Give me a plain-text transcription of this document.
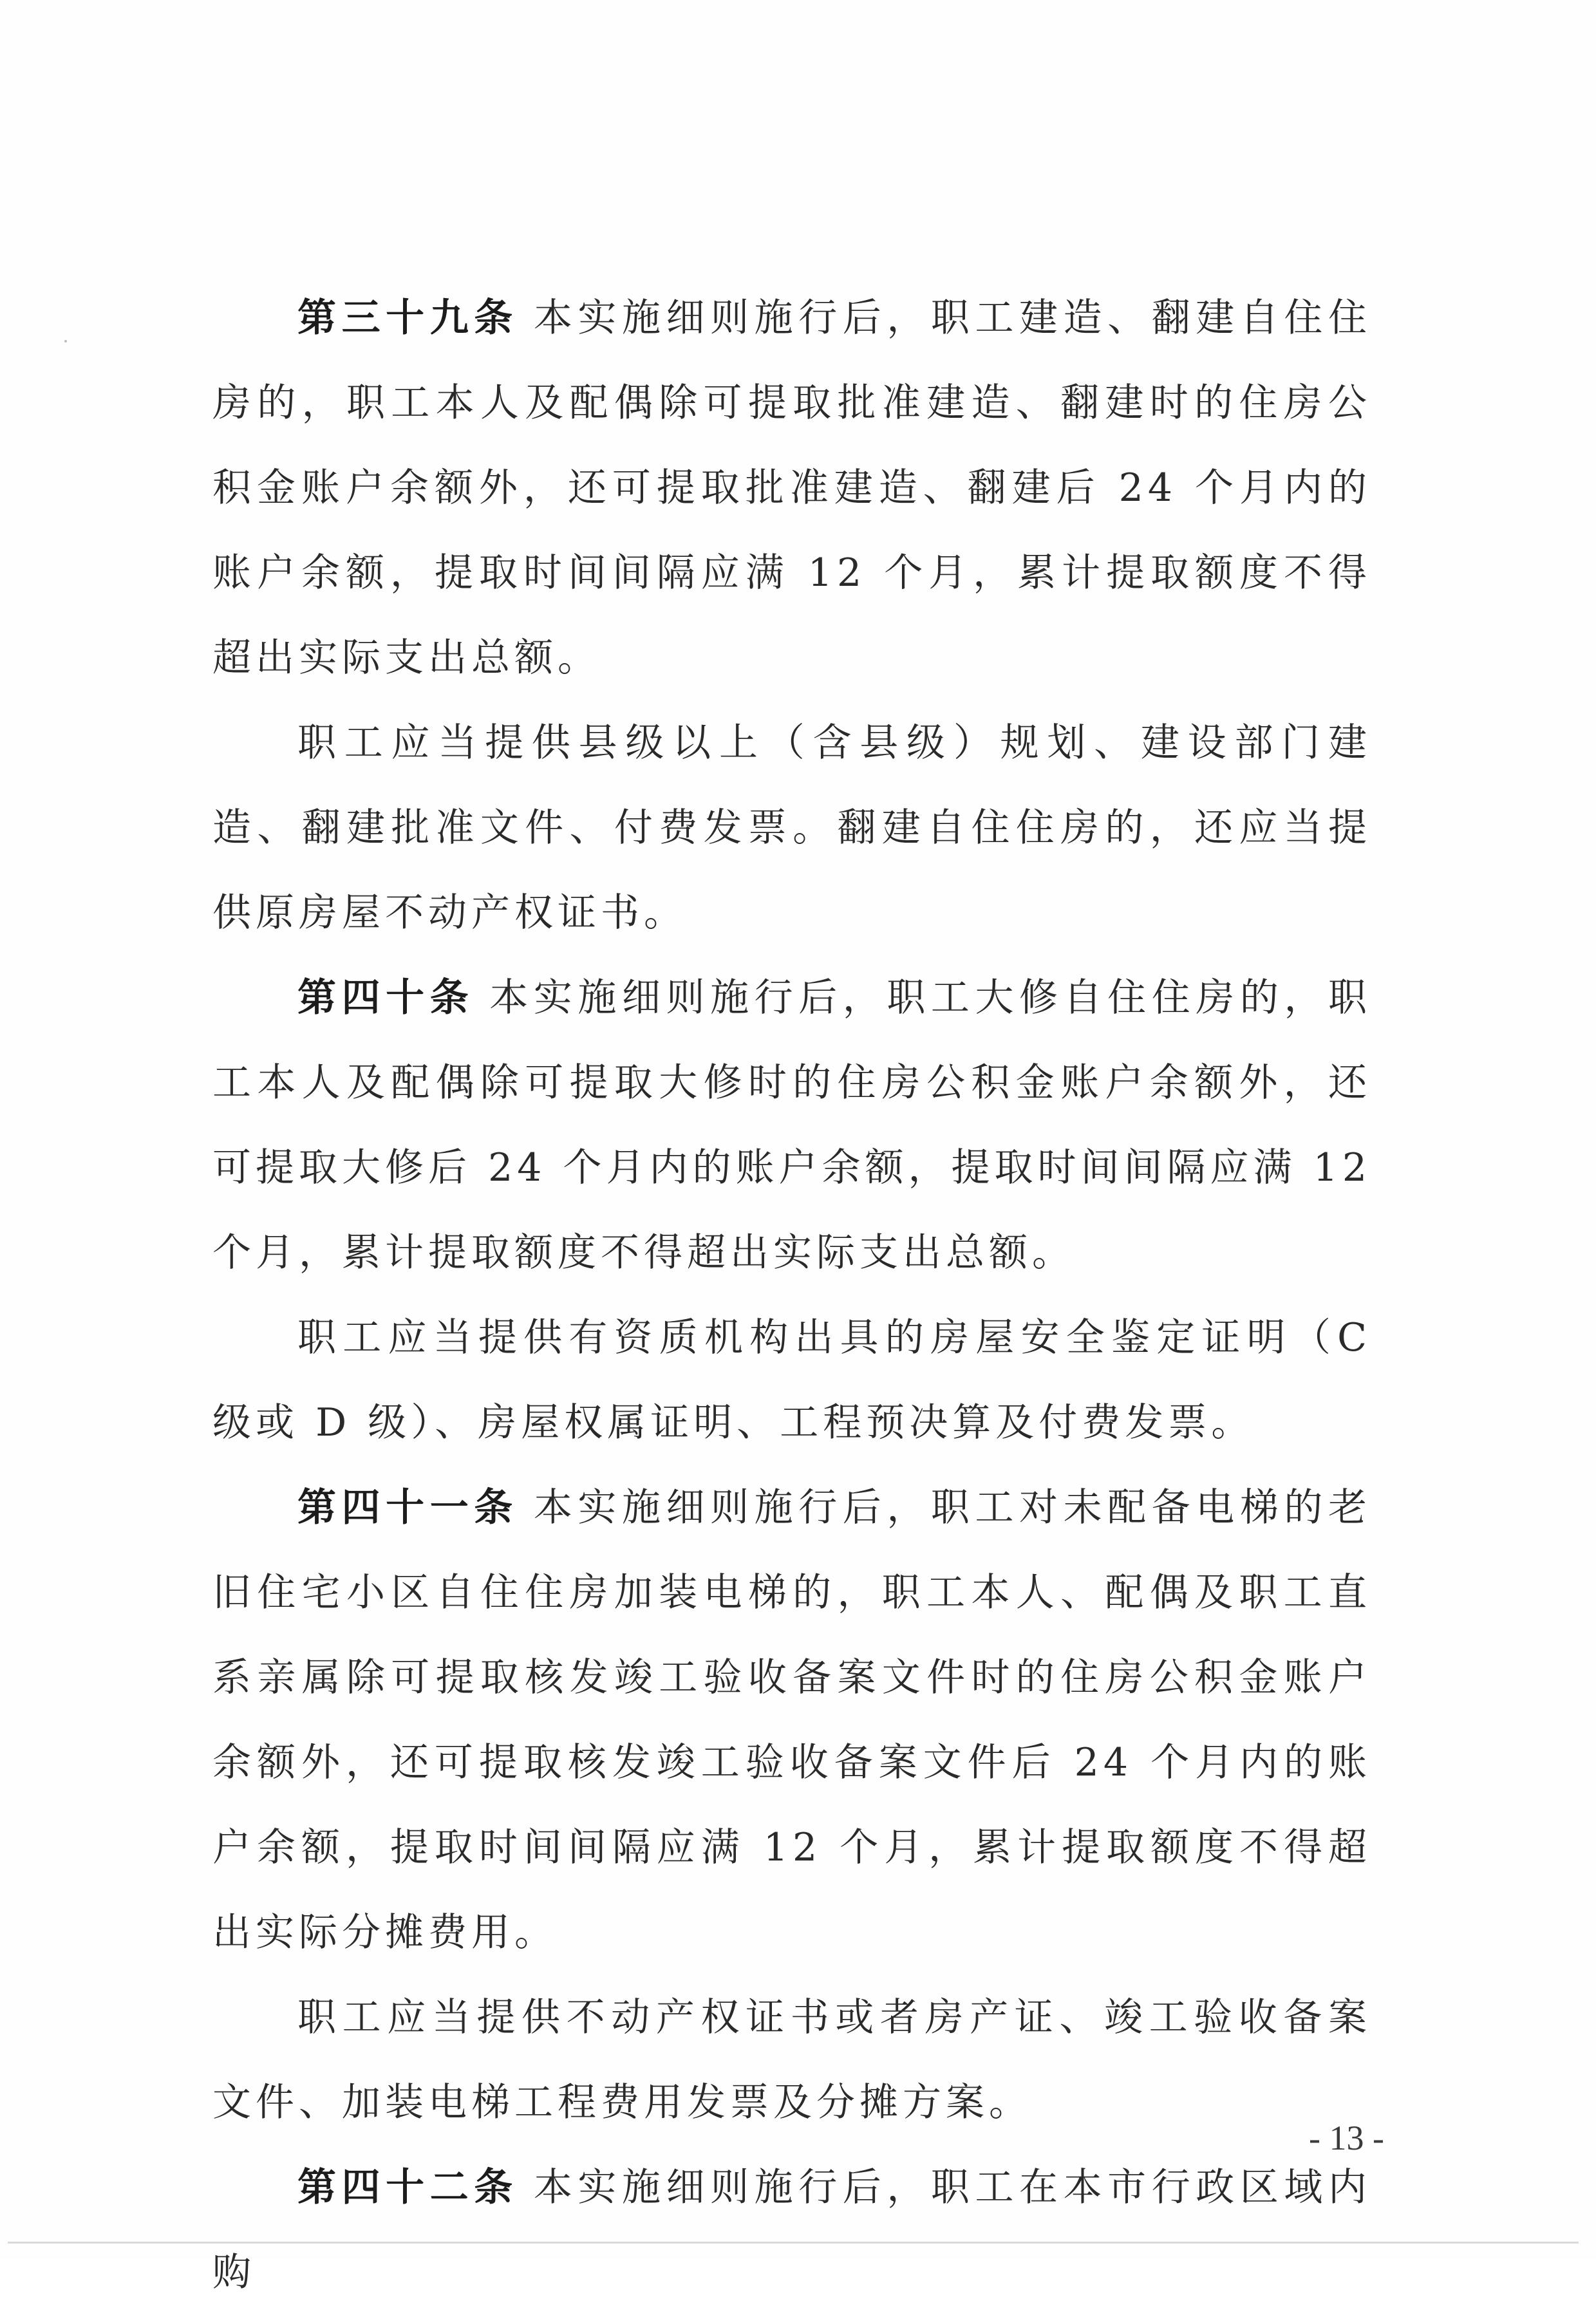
第三十九条 本实施细则施行后，职工建造、翻建自住住房的，职工本人及配偶除可提取批准建造、翻建时的住房公积金账户余额外，还可提取批准建造、翻建后 24 个月内的账户余额，提取时间间隔应满 12 个月，累计提取额度不得超出实际支出总额。

职工应当提供县级以上（含县级）规划、建设部门建造、翻建批准文件、付费发票。翻建自住住房的，还应当提供原房屋不动产权证书。

第四十条 本实施细则施行后，职工大修自住住房的，职工本人及配偶除可提取大修时的住房公积金账户余额外，还可提取大修后 24 个月内的账户余额，提取时间间隔应满 12 个月，累计提取额度不得超出实际支出总额。

职工应当提供有资质机构出具的房屋安全鉴定证明（C 级或 D 级）、房屋权属证明、工程预决算及付费发票。

第四十一条 本实施细则施行后，职工对未配备电梯的老旧住宅小区自住住房加装电梯的，职工本人、配偶及职工直系亲属除可提取核发竣工验收备案文件时的住房公积金账户余额外，还可提取核发竣工验收备案文件后 24 个月内的账户余额，提取时间间隔应满 12 个月，累计提取额度不得超出实际分摊费用。

职工应当提供不动产权证书或者房产证、竣工验收备案文件、加装电梯工程费用发票及分摊方案。

第四十二条 本实施细则施行后，职工在本市行政区域内购

- 13 -
